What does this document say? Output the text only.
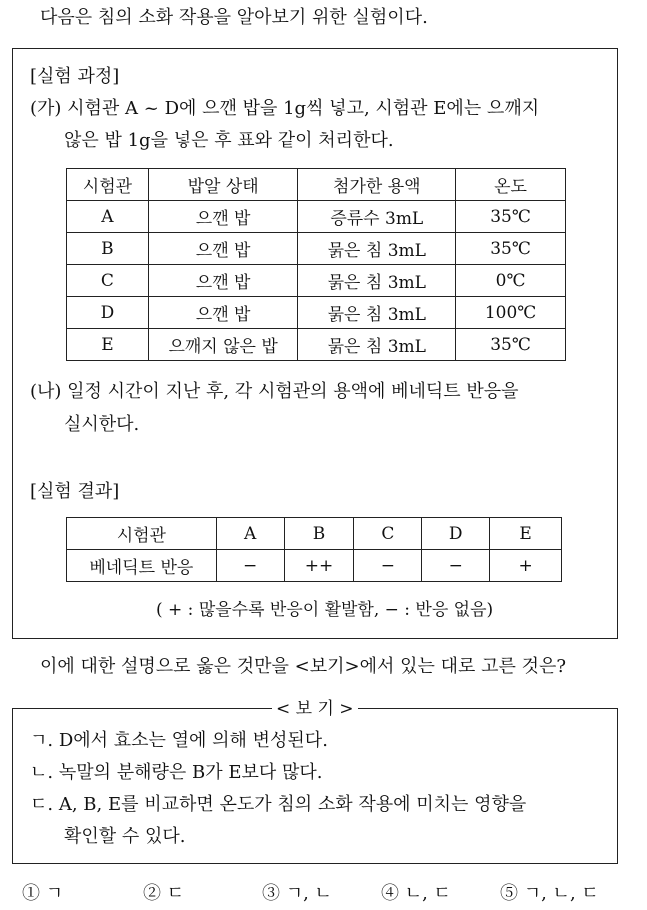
다음은 침의 소화 작용을 알아보기 위한 실험이다.
[실험 과정]
(가) 시험관 A ~ D에 으깬 밥을 1g씩 넣고, 시험관 E에는 으깨지
않은 밥 1g을 넣은 후 표와 같이 처리한다.
시험관	밥알 상태	첨가한 용액	온도
A	으깬 밥	증류수 3mL	35℃
B	으깬 밥	묽은 침 3mL	35℃
C	으깬 밥	묽은 침 3mL	0℃
D	으깬 밥	묽은 침 3mL	100℃
E	으깨지 않은 밥	묽은 침 3mL	35℃
(나) 일정 시간이 지난 후, 각 시험관의 용액에 베네딕트 반응을
실시한다.
[실험 결과]
시험관	A	B	C	D	E
베네딕트 반응	−	++	−	−	+
( + : 많을수록 반응이 활발함, − : 반응 없음)
이에 대한 설명으로 옳은 것만을 <보기>에서 있는 대로 고른 것은?
< 보 기 >
ㄱ. D에서 효소는 열에 의해 변성된다.
ㄴ. 녹말의 분해량은 B가 E보다 많다.
ㄷ. A, B, E를 비교하면 온도가 침의 소화 작용에 미치는 영향을
확인할 수 있다.
① ㄱ	② ㄷ	③ ㄱ, ㄴ	④ ㄴ, ㄷ	⑤ ㄱ, ㄴ, ㄷ
